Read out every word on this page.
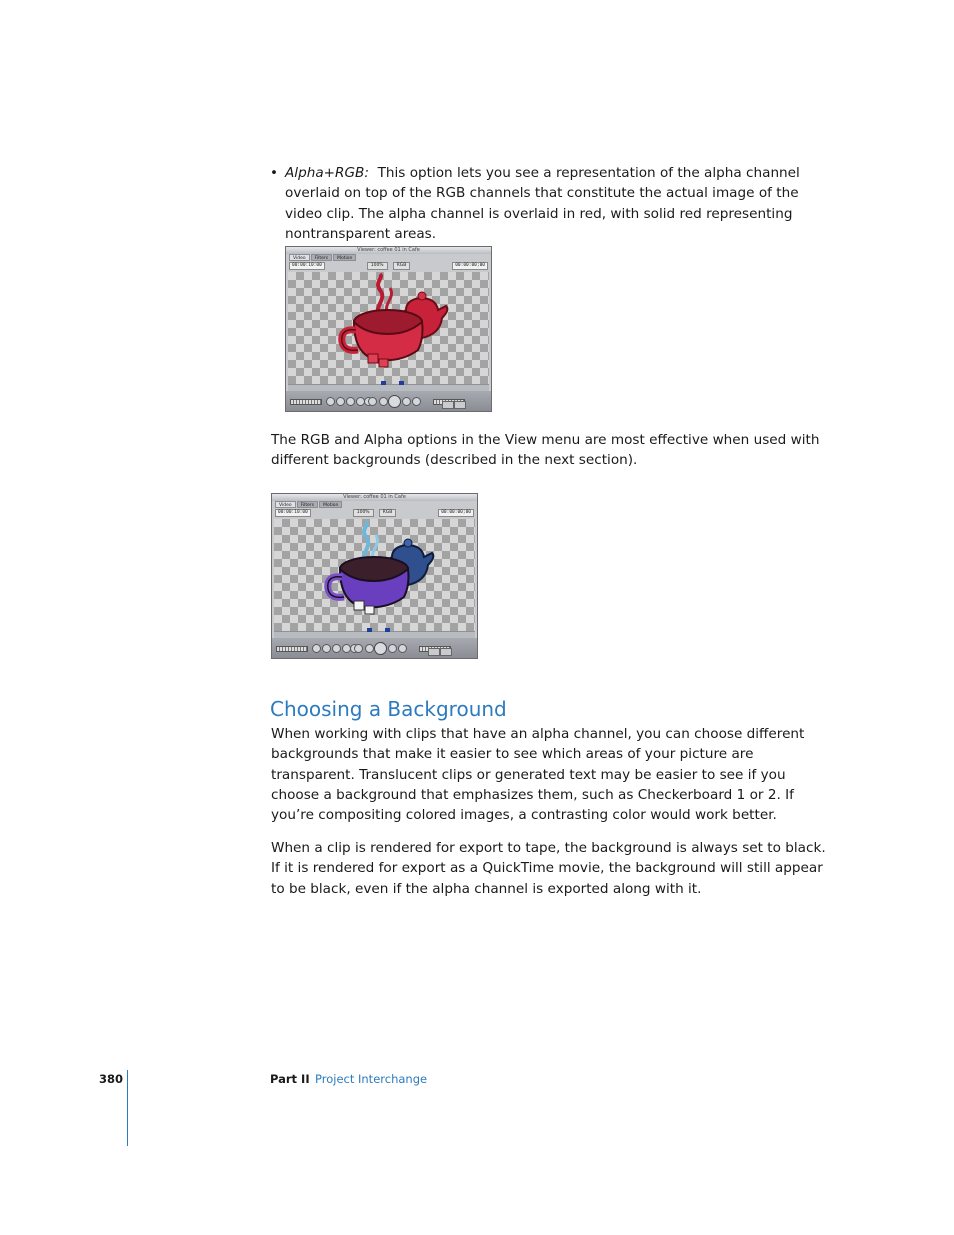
• Alpha+RGB: This option lets you see a representation of the alpha channel overlaid on top of the RGB channels that constitute the actual image of the video clip. The alpha channel is overlaid in red, with solid red representing nontransparent areas.

Viewer: coffee 01 in Cafe
Video	Filters	Motion
00:00:10:00	100%	RGB	00:00:00;00

The RGB and Alpha options in the View menu are most effective when used with different backgrounds (described in the next section).

Viewer: coffee 01 in Cafe
Video	Filters	Motion
00:00:10:00	100%	RGB	00:00:00;00
Choosing a Background

When working with clips that have an alpha channel, you can choose different backgrounds that make it easier to see which areas of your picture are transparent. Translucent clips or generated text may be easier to see if you choose a background that emphasizes them, such as Checkerboard 1 or 2. If you’re compositing colored images, a contrasting color would work better.

When a clip is rendered for export to tape, the background is always set to black. If it is rendered for export as a QuickTime movie, the background will still appear to be black, even if the alpha channel is exported along with it.

380	Part II Project Interchange
